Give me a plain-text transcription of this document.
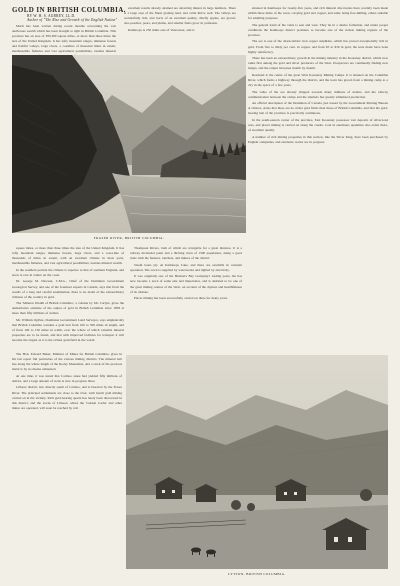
GOLD IN BRITISH COLUMBIA.
BY W. H. S. AUBREY, LL.D.
Author of "The Rise and Growth of the English Nation"

Much has been written during recent months concerning the vast auriferous wealth which has been brought to light in British Columbia. This province has an area of 383,300 square miles, or more than three times the size of the United Kingdom. It has lofty mountain ranges, immense forests and fruitful valleys, large rivers, a coastline of thousand miles in extent, inexhaustible fisheries and vast agricultural possibilities, besides mineral

excellent results already attained are attracting miners in large numbers. There is a large area of the finest grazing land, and cattle thrive well. The valleys are wonderfully rich, and tracts of an excellent quality, chiefly apples, are grown; also peaches, pears, and plums, and smaller fruits grow in profusion.

Kamloops is 250 miles east of Vancouver, and is

situated in Kamloops for twenty-five years, and rich mineral discoveries have recently been made within three miles of the town, carrying gold and copper, and some being free-milling, others suitable for smelting purposes.

The general trend of the veins is east and west. They lie in a diorite formation, and under proper conditions the Kamloops district promises to become one of the richest mining regions of the province.

The ore is one of the characteristic iron copper sulphides, which has proved exceptionally rich in gold. From five to thirty per cent. in copper, and from $5 to $30 in gold, the tests made have been highly satisfactory.

There has been an extraordinary growth in the mining industry in the Kootenay district, which now ranks first among the gold and silver producers of the West. Prospectors are continually finding new ledges, and the output increases month by month.

Rossland is the centre of the great West Kootenay Mining Camps. It is situated on the Columbia River, which forms a highway through the district, and the town has grown from a mining camp to a city in the space of a few years.

The value of the ore already shipped exceeds many millions of dollars, and the railway communication between the camps and the smelters has greatly stimulated production.

An official description of the Dominion of Canada, just issued by the Government Printing Bureau at Ottawa, states that there are no richer gold fields than those of British Columbia, and that the gold-bearing belt of the province is practically continuous.

In the south-eastern corner of the province, East Kootenay possesses vast deposits of silver-lead ores, and placer mining is carried on along the creeks. Coal in enormous quantities also exists there, of excellent quality.

A number of rich mining properties in this section, like the Silver King, have been purchased by English companies, and extensive works are in progress.

FRASER RIVER, BRITISH COLUMBIA.

square miles, or more than three times the size of the United Kingdom. It has lofty mountain ranges, immense forests, large rivers, and a coast-line of thousands of miles in extent, with an excellent climate in most parts, inexhaustible fisheries, and vast agricultural possibilities, besides mineral wealth.

In the southern portion the climate is superior to that of southern England, and snow is rare in winter on the coast.

Dr. George M. Dawson, C.M.G., Chief of the Dominion Government Geological Survey, and one of the foremost experts in Canada, says that from the results of a long and careful examination, there is no doubt of the extraordinary richness of the country in gold.

The 'Mineral Wealth of British Columbia,' a volume by Mr. Carlyle, gives the authoritative estimate of the output of gold in British Columbia since 1858 at more than fifty millions of dollars.

Mr. William Ogilvie, Dominion Government Land Surveyor, says emphatically that British Columbia contains a gold belt from 100 to 500 miles in length, and of from 100 to 150 miles in width, over the whole of which valuable mineral properties are to be found, and that with improved facilities for transport it will become the largest as it is the richest gold-field in the world.

Thompson Rivers, both of which are navigable for a great distance. It is a railway divisional point and a thriving town of 1500 population, doing a good trade with the farmers, ranchers, and miners of the district.

Steam boats ply on Kamloops Lake, and there are sawmills in constant operation. The town is supplied by waterworks and lighted by electricity.

It was originally one of the Hudson's Bay Company's trading posts, but has now become a town of some size and importance, and is destined to be one of the great mining centres of the West, on account of the dryness and healthfulness of its climate.

Placer mining has been successfully carried on there for many years.

The Hon. Edward Baker, Minister of Mines for British Columbia, gives in his last report full particulars of the various mining districts. The mineral belt lies along the whole length of the Rocky Mountains, and a stock of the precious metal is by no means exhausted.

At one time, it was stated that Cariboo alone had yielded fifty millions of dollars, and a large amount of work is now in progress there.

Lillooet district, lies directly south of Cariboo, and is bisected by the Fraser River. The principal settlements are close to the river, with bench gold mining carried on in the vicinity. Rich gold-bearing quartz has lately been discovered in this district, and the towns of Lillooet, where the 'Golden Cache' and other mines are operated, will soon be reached by rail.

LYTTON, BRITISH COLUMBIA.
